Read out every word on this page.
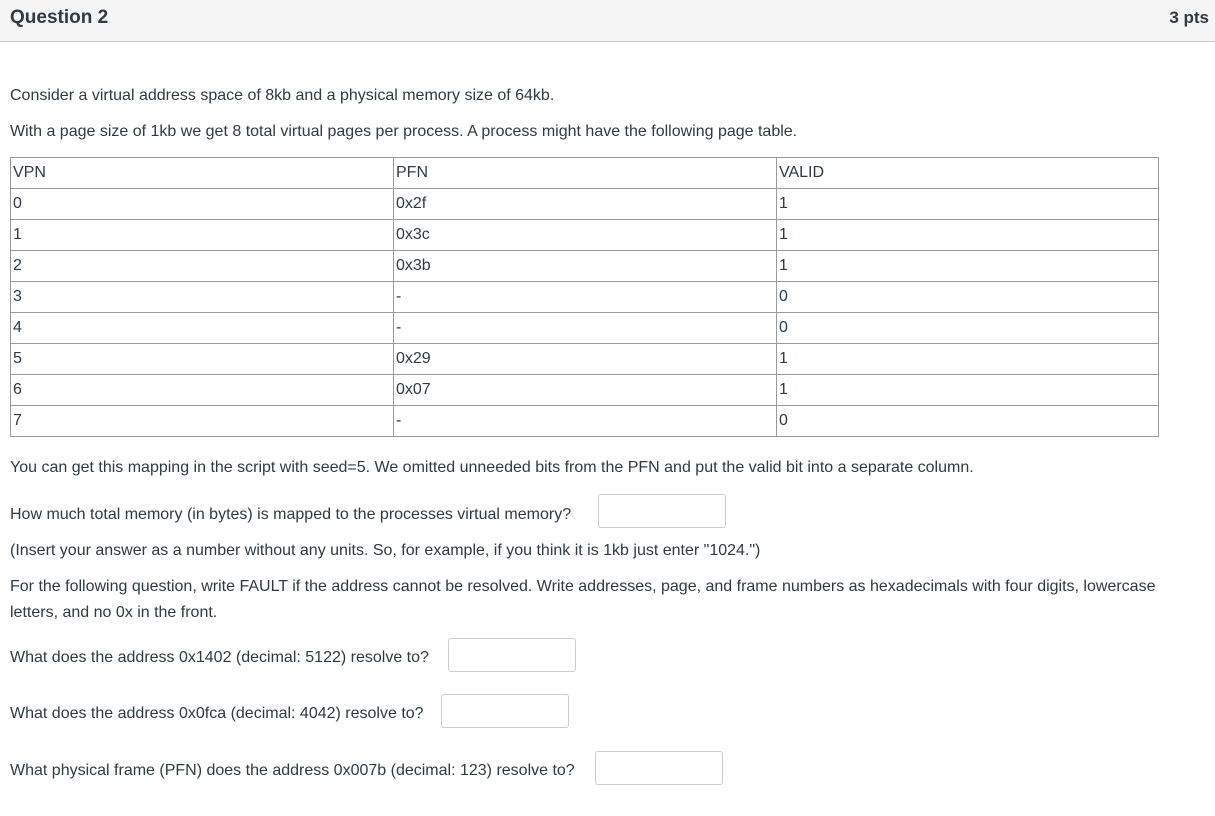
Question 2	3 pts
Consider a virtual address space of 8kb and a physical memory size of 64kb.
With a page size of 1kb we get 8 total virtual pages per process. A process might have the following page table.
VPN	PFN	VALID
0	0x2f	1
1	0x3c	1
2	0x3b	1
3	-	0
4	-	0
5	0x29	1
6	0x07	1
7	-	0
You can get this mapping in the script with seed=5. We omitted unneeded bits from the PFN and put the valid bit into a separate column.
How much total memory (in bytes) is mapped to the processes virtual memory?
(Insert your answer as a number without any units. So, for example, if you think it is 1kb just enter "1024.")
For the following question, write FAULT if the address cannot be resolved. Write addresses, page, and frame numbers as hexadecimals with four digits, lowercase letters, and no 0x in the front.
What does the address 0x1402 (decimal: 5122) resolve to?
What does the address 0x0fca (decimal: 4042) resolve to?
What physical frame (PFN) does the address 0x007b (decimal: 123) resolve to?
